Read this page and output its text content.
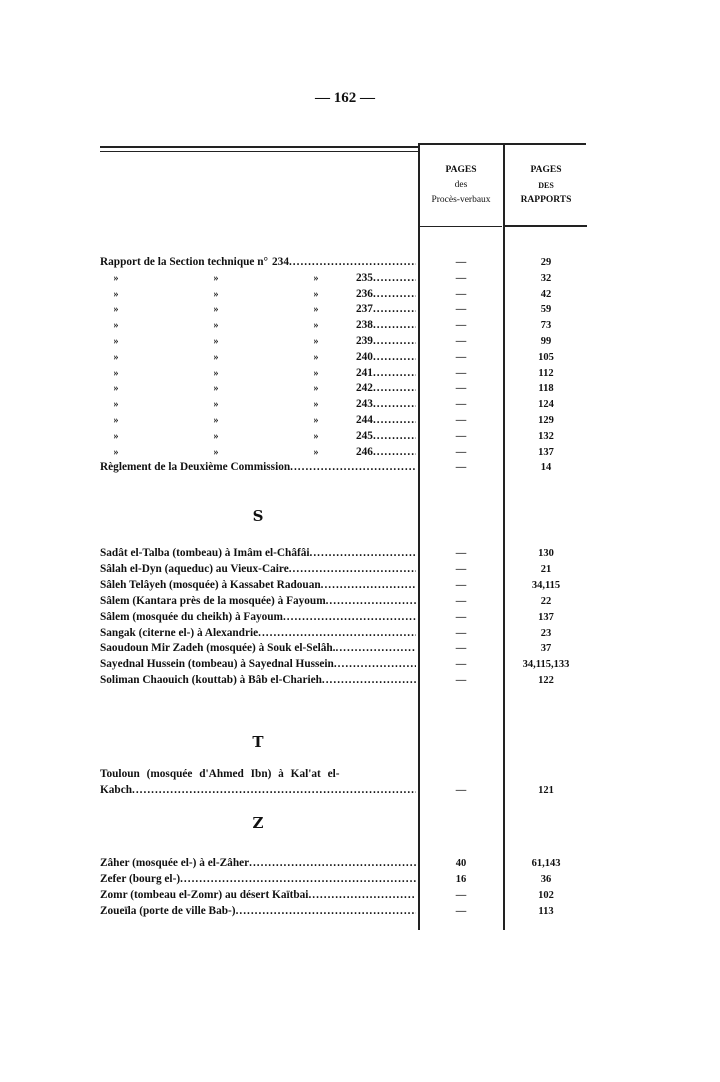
— 162 —
PAGES
des
Procès-verbaux
PAGES
DES
RAPPORTS
Rapport de la Section technique n° 234 .....	—	29
»	»	»	235 .....	—	32
»	»	»	236 .....	—	42
»	»	»	237 .....	—	59
»	»	»	238 .....	—	73
»	»	»	239 .....	—	99
»	»	»	240 .....	—	105
»	»	»	241 .....	—	112
»	»	»	242 .....	—	118
»	»	»	243 .....	—	124
»	»	»	244 .....	—	129
»	»	»	245 .....	—	132
»	»	»	246 .....	—	137
Règlement de la Deuxième Commission .....	—	14
S
Sadât el-Talba (tombeau) à Imâm el-Châfâi .....	—	130
Sâlah el-Dyn (aqueduc) au Vieux-Caire .....	—	21
Sâleh Telâyeh (mosquée) à Kassabet Radouan .....	—	34,115
Sâlem (Kantara près de la mosquée) à Fayoum .....	—	22
Sâlem (mosquée du cheikh) à Fayoum .....	—	137
Sangak (citerne el-) à Alexandrie .....	—	23
Saoudoun Mir Zadeh (mosquée) à Souk el-Selâh. .....	—	37
Sayednal Hussein (tombeau) à Sayednal Hussein .....	—	34,115,133
Soliman Chaouich (kouttab) à Bâb el-Charieh .....	—	122
T
Touloun (mosquée d'Ahmed Ibn) à Kal'at el-
Kabch .....	—	121
Z
Zâher (mosquée el-) à el-Zâher .....	40	61,143
Zefer (bourg el-) .....	16	36
Zomr (tombeau el-Zomr) au désert Kaïtbai .....	—	102
Zoueïla (porte de ville Bab-) .....	—	113
